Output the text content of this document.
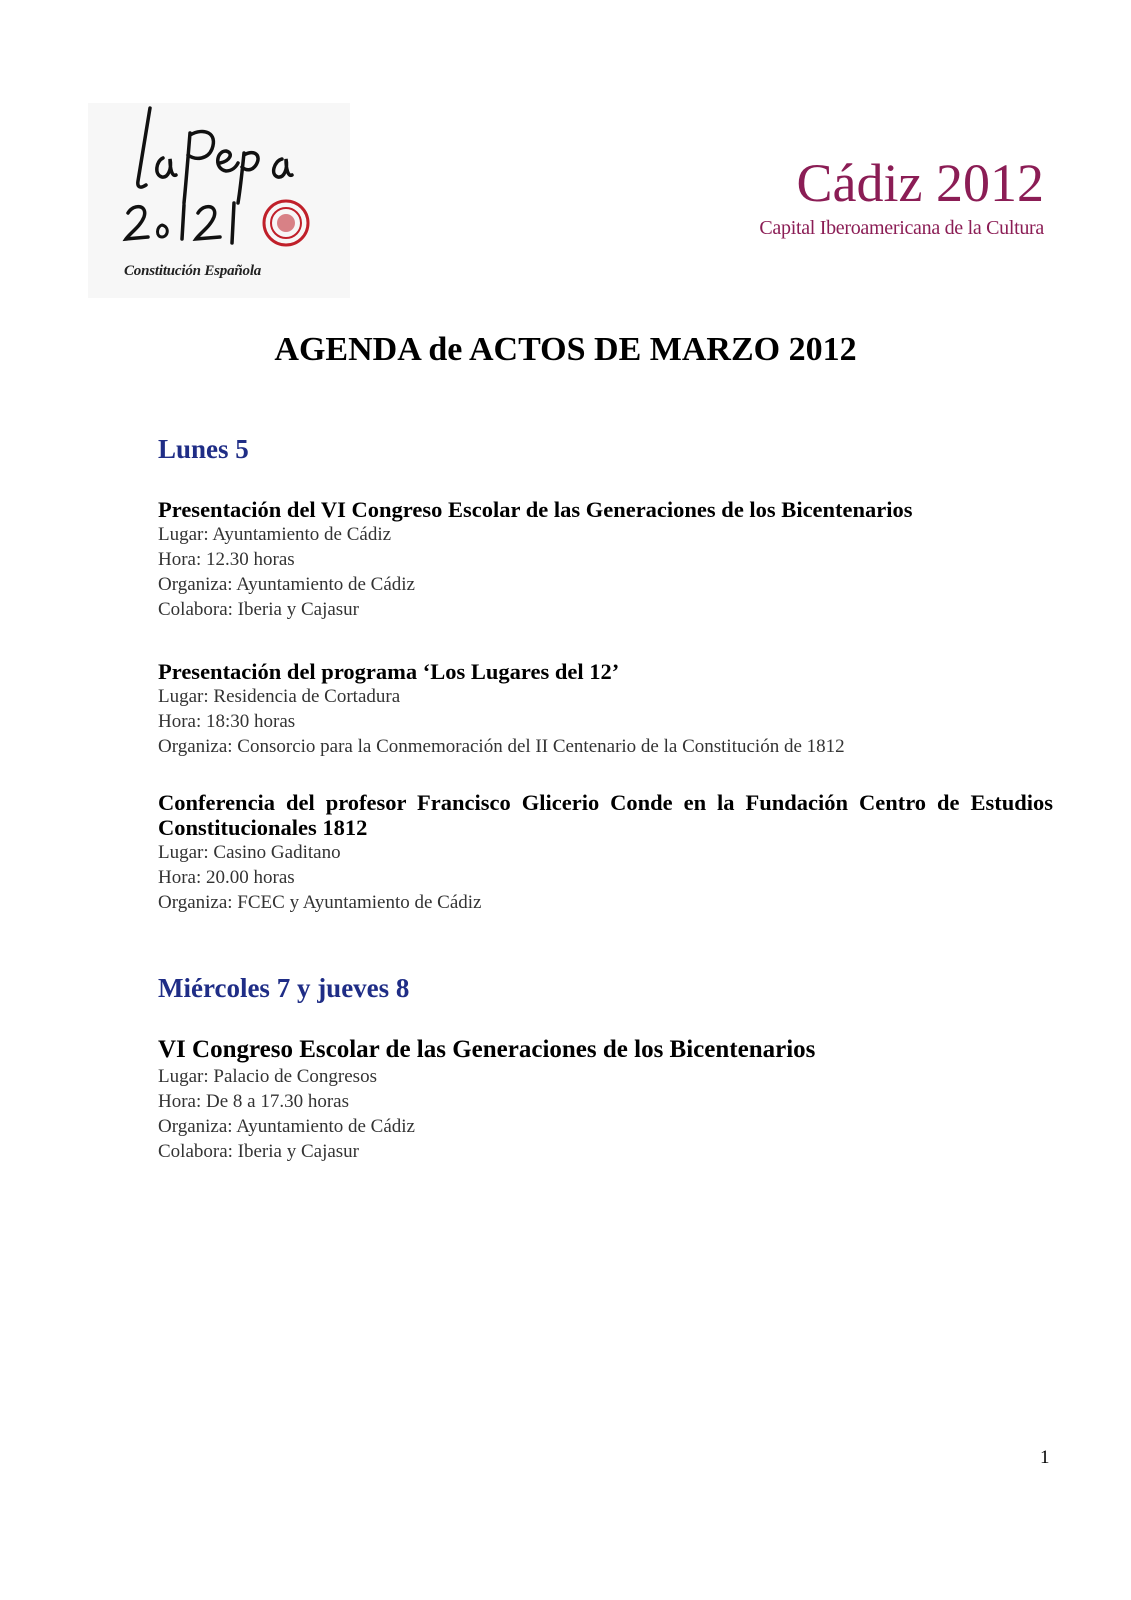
Constitución Española
Cádiz 2012
Capital Iberoamericana de la Cultura
AGENDA de ACTOS DE MARZO 2012
Lunes 5

Presentación del VI Congreso Escolar de las Generaciones de los Bicentenarios

Lugar: Ayuntamiento de Cádiz

Hora: 12.30 horas

Organiza: Ayuntamiento de Cádiz

Colabora: Iberia y Cajasur

Presentación del programa ‘Los Lugares del 12’

Lugar: Residencia de Cortadura

Hora: 18:30 horas

Organiza: Consorcio para la Conmemoración del II Centenario de la Constitución de 1812

Conferencia del profesor Francisco Glicerio Conde en la Fundación Centro de Estudios Constitucionales 1812

Lugar: Casino Gaditano

Hora: 20.00 horas

Organiza: FCEC y Ayuntamiento de Cádiz

Miércoles 7 y jueves 8

VI Congreso Escolar de las Generaciones de los Bicentenarios

Lugar: Palacio de Congresos

Hora: De 8 a 17.30 horas

Organiza: Ayuntamiento de Cádiz

Colabora: Iberia y Cajasur

1
